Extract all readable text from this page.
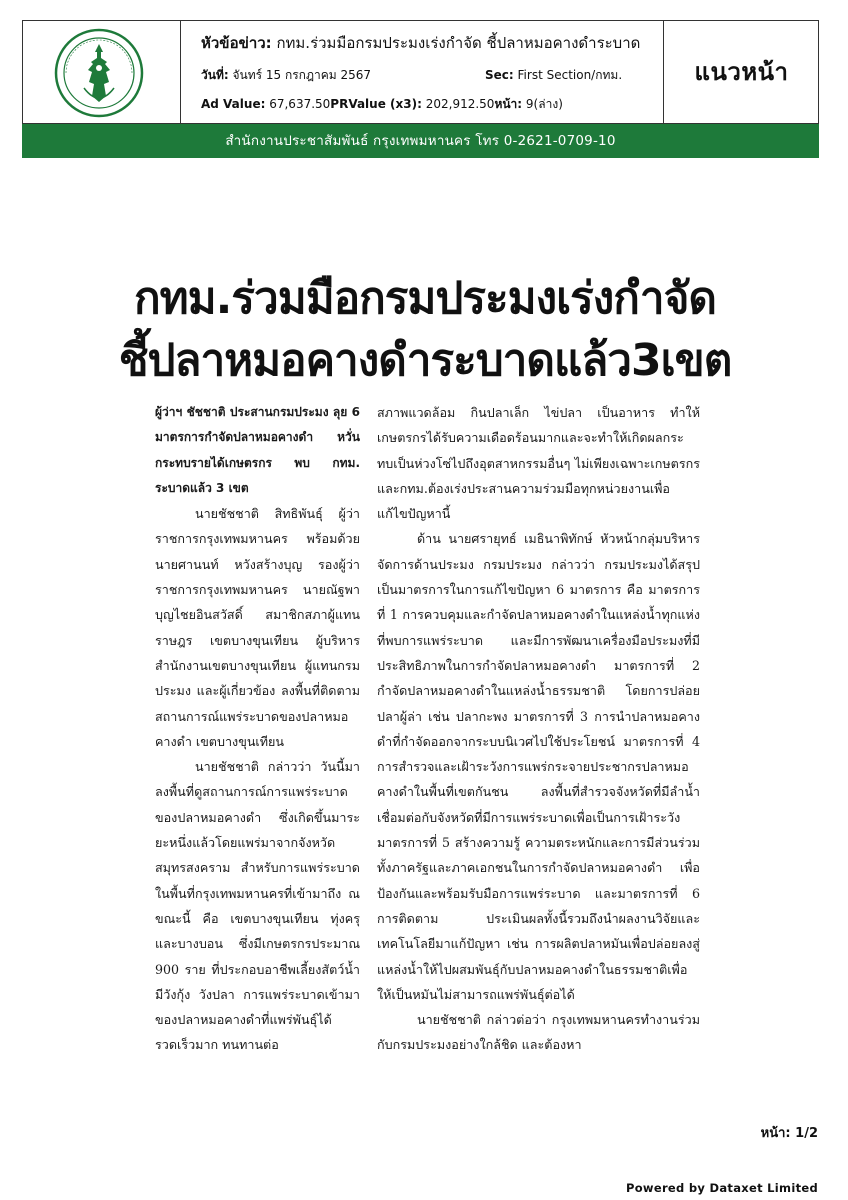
หัวข้อข่าว: กทม.ร่วมมือกรมประมงเร่งกำจัด ชี้ปลาหมอคางดำระบาด
วันที่: จันทร์ 15 กรกฎาคม 2567	Sec: First Section/กทม.
Ad Value: 67,637.50PRValue (x3): 202,912.50หน้า: 9(ล่าง)
แนวหน้า
สำนักงานประชาสัมพันธ์ กรุงเทพมหานคร โทร 0-2621-0709-10
กทม.ร่วมมือกรมประมงเร่งกำจัด
ชี้ปลาหมอคางดำระบาดแล้ว3เขต

ผู้ว่าฯ ชัชชาติ ประสานกรมประมง ลุย 6 มาตรการกำจัดปลาหมอคางดำ หวั่นกระทบรายได้เกษตรกร พบ กทม. ระบาดแล้ว 3 เขต

นายชัชชาติ สิทธิพันธุ์ ผู้ว่าราชการกรุงเทพมหานคร พร้อมด้วย นายศานนท์ หวังสร้างบุญ รองผู้ว่าราชการกรุงเทพมหานคร นายณัฐพา บุญไชยอินสวัสดิ์ สมาชิกสภาผู้แทนราษฎร เขตบางขุนเทียน ผู้บริหารสำนักงานเขตบางขุนเทียน ผู้แทนกรมประมง และผู้เกี่ยวข้อง ลงพื้นที่ติดตามสถานการณ์แพร่ระบาดของปลาหมอคางดำ เขตบางขุนเทียน

นายชัชชาติ กล่าวว่า วันนี้มาลงพื้นที่ดูสถานการณ์การแพร่ระบาดของปลาหมอคางดำ ซึ่งเกิดขึ้นมาระยะหนึ่งแล้วโดยแพร่มาจากจังหวัดสมุทรสงคราม สำหรับการแพร่ระบาดในพื้นที่กรุงเทพมหานครที่เข้ามาถึง ณ ขณะนี้ คือ เขตบางขุนเทียน ทุ่งครุ และบางบอน ซึ่งมีเกษตรกรประมาณ 900 ราย ที่ประกอบอาชีพเลี้ยงสัตว์น้ำ มีวังกุ้ง วังปลา การแพร่ระบาดเข้ามาของปลาหมอคางดำที่แพร่พันธุ์ได้รวดเร็วมาก ทนทานต่อ

สภาพแวดล้อม กินปลาเล็ก ไข่ปลา เป็นอาหาร ทำให้เกษตรกรได้รับความเดือดร้อนมากและจะทำให้เกิดผลกระทบเป็นห่วงโซ่ไปถึงอุตสาหกรรมอื่นๆ ไม่เพียงเฉพาะเกษตรกร และกทม.ต้องเร่งประสานความร่วมมือทุกหน่วยงานเพื่อแก้ไขปัญหานี้

ด้าน นายศรายุทธ์ เมธินาพิทักษ์ หัวหน้ากลุ่มบริหารจัดการด้านประมง กรมประมง กล่าวว่า กรมประมงได้สรุปเป็นมาตรการในการแก้ไขปัญหา 6 มาตรการ คือ มาตรการที่ 1 การควบคุมและกำจัดปลาหมอคางดำในแหล่งน้ำทุกแห่งที่พบการแพร่ระบาด และมีการพัฒนาเครื่องมือประมงที่มีประสิทธิภาพในการกำจัดปลาหมอคางดำ มาตรการที่ 2 กำจัดปลาหมอคางดำในแหล่งน้ำธรรมชาติ โดยการปล่อยปลาผู้ล่า เช่น ปลากะพง มาตรการที่ 3 การนำปลาหมอคางดำที่กำจัดออกจากระบบนิเวศไปใช้ประโยชน์ มาตรการที่ 4 การสำรวจและเฝ้าระวังการแพร่กระจายประชากรปลาหมอคางดำในพื้นที่เขตกันชน ลงพื้นที่สำรวจจังหวัดที่มีลำน้ำเชื่อมต่อกับจังหวัดที่มีการแพร่ระบาดเพื่อเป็นการเฝ้าระวัง มาตรการที่ 5 สร้างความรู้ ความตระหนักและการมีส่วนร่วมทั้งภาครัฐและภาคเอกชนในการกำจัดปลาหมอคางดำ เพื่อป้องกันและพร้อมรับมือการแพร่ระบาด และมาตรการที่ 6 การติดตาม ประเมินผลทั้งนี้รวมถึงนำผลงานวิจัยและเทคโนโลยีมาแก้ปัญหา เช่น การผลิตปลาหมันเพื่อปล่อยลงสู่แหล่งน้ำให้ไปผสมพันธุ์กับปลาหมอคางดำในธรรมชาติเพื่อให้เป็นหมันไม่สามารถแพร่พันธุ์ต่อได้

นายชัชชาติ กล่าวต่อว่า กรุงเทพมหานครทำงานร่วมกับกรมประมงอย่างใกล้ชิด และต้องหา

หน้า: 1/2
Powered by Dataxet Limited
